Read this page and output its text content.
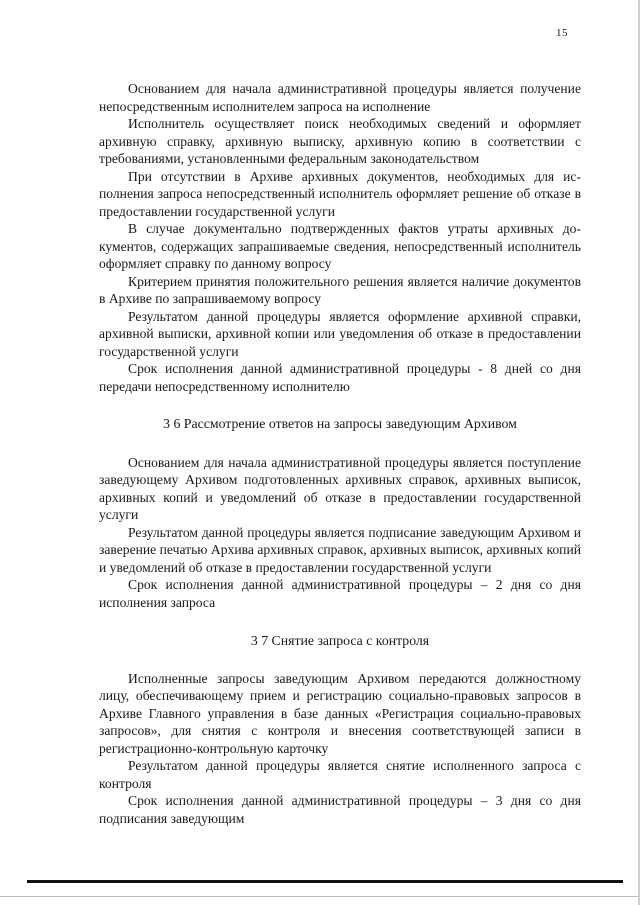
15

Основанием для начала административной процедуры является получение непосредственным исполнителем запроса на исполнение

Исполнитель осуществляет поиск необходимых сведений и оформляет архивную справку, архивную выписку, архивную копию в соответствии с требованиями, установленными федеральным законодательством

При отсутствии в Архиве архивных документов, необходимых для исполнения запроса непосредственный исполнитель оформляет решение об отказе в предоставлении государственной услуги

В случае документально подтвержденных фактов утраты архивных документов, содержащих запрашиваемые сведения, непосредственный исполнитель оформляет справку по данному вопросу

Критерием принятия положительного решения является наличие документов в Архиве по запрашиваемому вопросу

Результатом данной процедуры является оформление архивной справки, архивной выписки, архивной копии или уведомления об отказе в предоставлении государственной услуги

Срок исполнения данной административной процедуры - 8 дней со дня передачи непосредственному исполнителю

3 6 Рассмотрение ответов на запросы заведующим Архивом

Основанием для начала административной процедуры является поступление заведующему Архивом подготовленных архивных справок, архивных выписок, архивных копий и уведомлений об отказе в предоставлении государственной услуги

Результатом данной процедуры является подписание заведующим Архивом и заверение печатью Архива архивных справок, архивных выписок, архивных копий и уведомлений об отказе в предоставлении государственной услуги

Срок исполнения данной административной процедуры – 2 дня со дня исполнения запроса

3 7 Снятие запроса с контроля

Исполненные запросы заведующим Архивом передаются должностному лицу, обеспечивающему прием и регистрацию социально-правовых запросов в Архиве Главного управления в базе данных «Регистрация социально-правовых запросов», для снятия с контроля и внесения соответствующей записи в регистрационно-контрольную карточку

Результатом данной процедуры является снятие исполненного запроса с контроля

Срок исполнения данной административной процедуры – 3 дня со дня подписания заведующим
